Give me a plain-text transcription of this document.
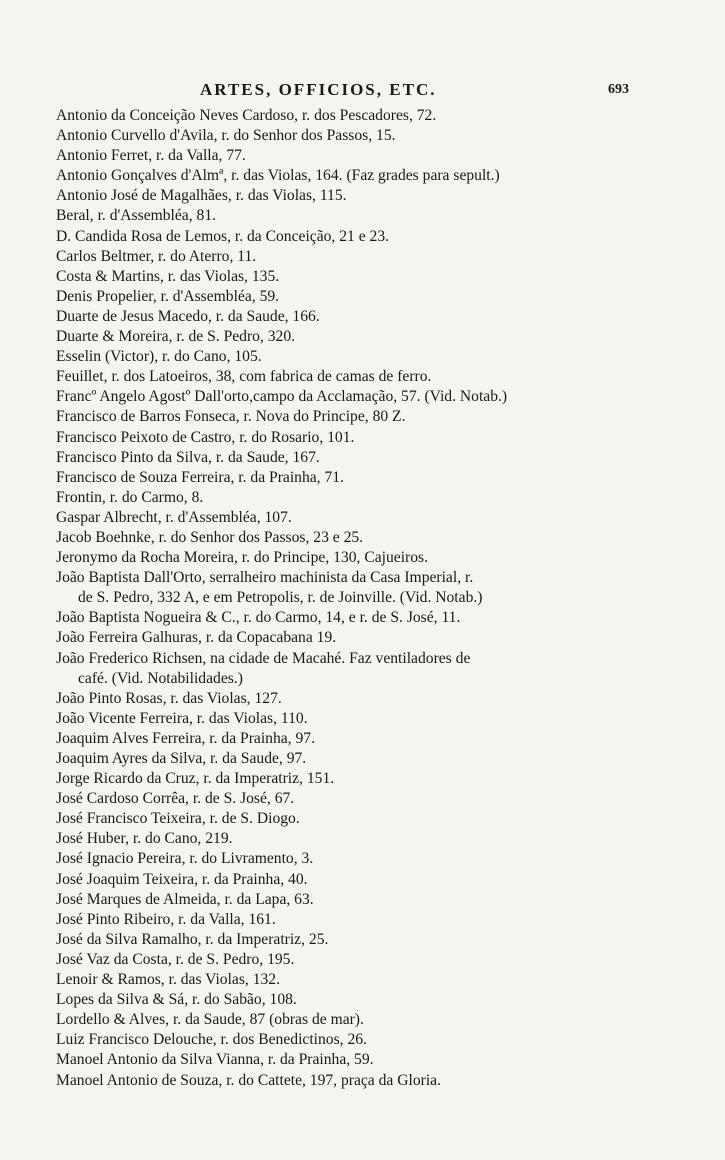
ARTES, OFFICIOS, ETC.	693
Antonio da Conceição Neves Cardoso, r. dos Pescadores, 72.
Antonio Curvello d'Avila, r. do Senhor dos Passos, 15.
Antonio Ferret, r. da Valla, 77.
Antonio Gonçalves d'Almª, r. das Violas, 164. (Faz grades para sepult.)
Antonio José de Magalhães, r. das Violas, 115.
Beral, r. d'Assembléa, 81.
D. Candida Rosa de Lemos, r. da Conceição, 21 e 23.
Carlos Beltmer, r. do Aterro, 11.
Costa & Martins, r. das Violas, 135.
Denis Propelier, r. d'Assembléa, 59.
Duarte de Jesus Macedo, r. da Saude, 166.
Duarte & Moreira, r. de S. Pedro, 320.
Esselin (Victor), r. do Cano, 105.
Feuillet, r. dos Latoeiros, 38, com fabrica de camas de ferro.
Francº Angelo Agostº Dall'orto,campo da Acclamação, 57. (Vid. Notab.)
Francisco de Barros Fonseca, r. Nova do Principe, 80 Z.
Francisco Peixoto de Castro, r. do Rosario, 101.
Francisco Pinto da Silva, r. da Saude, 167.
Francisco de Souza Ferreira, r. da Prainha, 71.
Frontin, r. do Carmo, 8.
Gaspar Albrecht, r. d'Assembléa, 107.
Jacob Boehnke, r. do Senhor dos Passos, 23 e 25.
Jeronymo da Rocha Moreira, r. do Principe, 130, Cajueiros.
João Baptista Dall'Orto, serralheiro machinista da Casa Imperial, r.
de S. Pedro, 332 A, e em Petropolis, r. de Joinville. (Vid. Notab.)
João Baptista Nogueira & C., r. do Carmo, 14, e r. de S. José, 11.
João Ferreira Galhuras, r. da Copacabana 19.
João Frederico Richsen, na cidade de Macahé. Faz ventiladores de
café. (Vid. Notabilidades.)
João Pinto Rosas, r. das Violas, 127.
João Vicente Ferreira, r. das Violas, 110.
Joaquim Alves Ferreira, r. da Prainha, 97.
Joaquim Ayres da Silva, r. da Saude, 97.
Jorge Ricardo da Cruz, r. da Imperatriz, 151.
José Cardoso Corrêa, r. de S. José, 67.
José Francisco Teixeira, r. de S. Diogo.
José Huber, r. do Cano, 219.
José Ignacio Pereira, r. do Livramento, 3.
José Joaquim Teixeira, r. da Prainha, 40.
José Marques de Almeida, r. da Lapa, 63.
José Pinto Ribeiro, r. da Valla, 161.
José da Silva Ramalho, r. da Imperatriz, 25.
José Vaz da Costa, r. de S. Pedro, 195.
Lenoir & Ramos, r. das Violas, 132.
Lopes da Silva & Sá, r. do Sabão, 108.
Lordello & Alves, r. da Saude, 87 (obras de mar).
Luiz Francisco Delouche, r. dos Benedictinos, 26.
Manoel Antonio da Silva Vianna, r. da Prainha, 59.
Manoel Antonio de Souza, r. do Cattete, 197, praça da Gloria.
